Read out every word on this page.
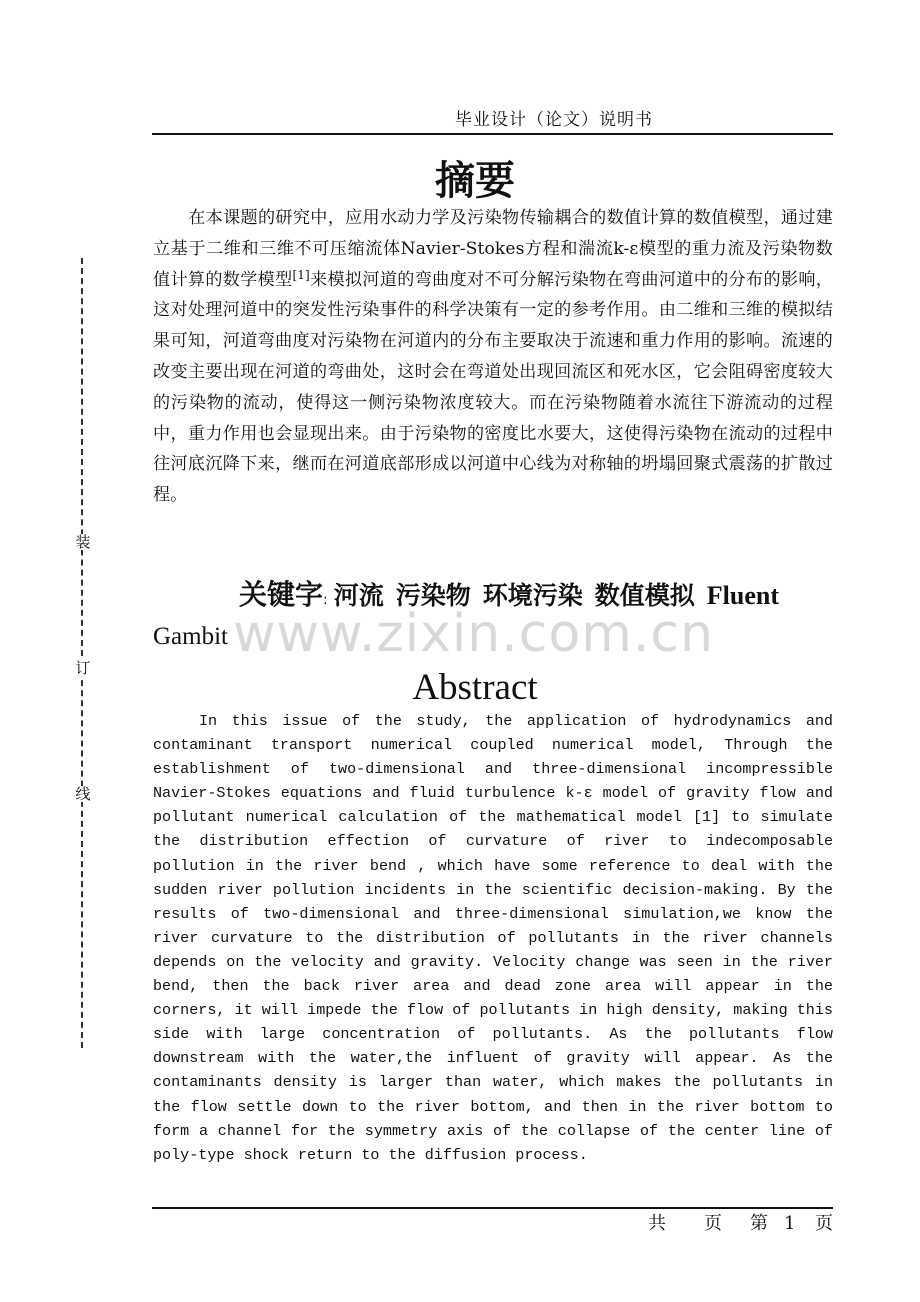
毕业设计（论文）说明书
装
订
线
摘要

在本课题的研究中，应用水动力学及污染物传输耦合的数值计算的数值模型，通过建立基于二维和三维不可压缩流体Navier-Stokes方程和湍流k-ε模型的重力流及污染物数值计算的数学模型[1]来模拟河道的弯曲度对不可分解污染物在弯曲河道中的分布的影响，这对处理河道中的突发性污染事件的科学决策有一定的参考作用。由二维和三维的模拟结果可知，河道弯曲度对污染物在河道内的分布主要取决于流速和重力作用的影响。流速的改变主要出现在河道的弯曲处，这时会在弯道处出现回流区和死水区，它会阻碍密度较大的污染物的流动，使得这一侧污染物浓度较大。而在污染物随着水流往下游流动的过程中，重力作用也会显现出来。由于污染物的密度比水要大，这使得污染物在流动的过程中往河底沉降下来，继而在河道底部形成以河道中心线为对称轴的坍塌回聚式震荡的扩散过程。

www.zixin.com.cn
关键字: 河流 污染物 环境污染 数值模拟 Fluent
Gambit
Abstract

In this issue of the study, the application of hydrodynamics and contaminant transport numerical coupled numerical model, Through the establishment of two-dimensional and three-dimensional incompressible Navier-Stokes equations and fluid turbulence k-ε model of gravity flow and pollutant numerical calculation of the mathematical model [1] to simulate the distribution effection of curvature of river to indecomposable pollution in the river bend , which have some reference to deal with the sudden river pollution incidents in the scientific decision-making. By the results of two-dimensional and three-dimensional simulation,we know the river curvature to the distribution of pollutants in the river channels depends on the velocity and gravity. Velocity change was seen in the river bend, then the back river area and dead zone area will appear in the corners, it will impede the flow of pollutants in high density, making this side with large concentration of pollutants. As the pollutants flow downstream with the water,the influent of gravity will appear. As the contaminants density is larger than water, which makes the pollutants in the flow settle down to the river bottom, and then in the river bottom to form a channel for the symmetry axis of the collapse of the center line of poly-type shock return to the diffusion process.

共 页 第 1 页
